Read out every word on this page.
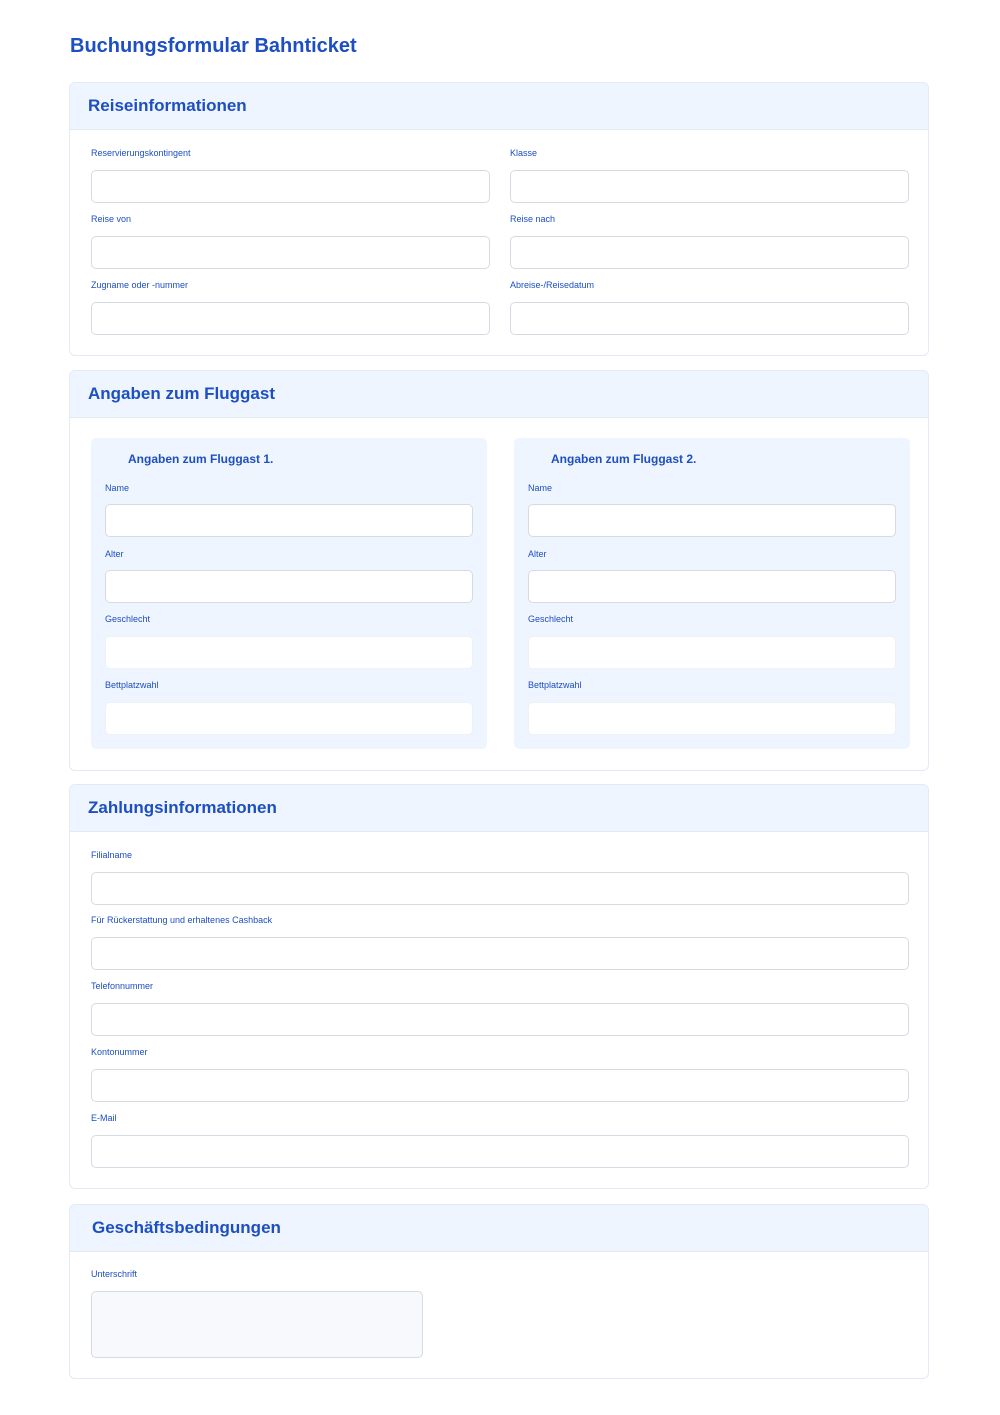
Buchungsformular Bahnticket
Reiseinformationen
Reservierungskontingent	Klasse
Reise von	Reise nach
Zugname oder -nummer	Abreise-/Reisedatum
Angaben zum Fluggast
Angaben zum Fluggast 1.
Name
Alter
Geschlecht
Bettplatzwahl
Angaben zum Fluggast 2.
Name
Alter
Geschlecht
Bettplatzwahl
Zahlungsinformationen
Filialname
Für Rückerstattung und erhaltenes Cashback
Telefonnummer
Kontonummer
E-Mail
Geschäftsbedingungen
Unterschrift
